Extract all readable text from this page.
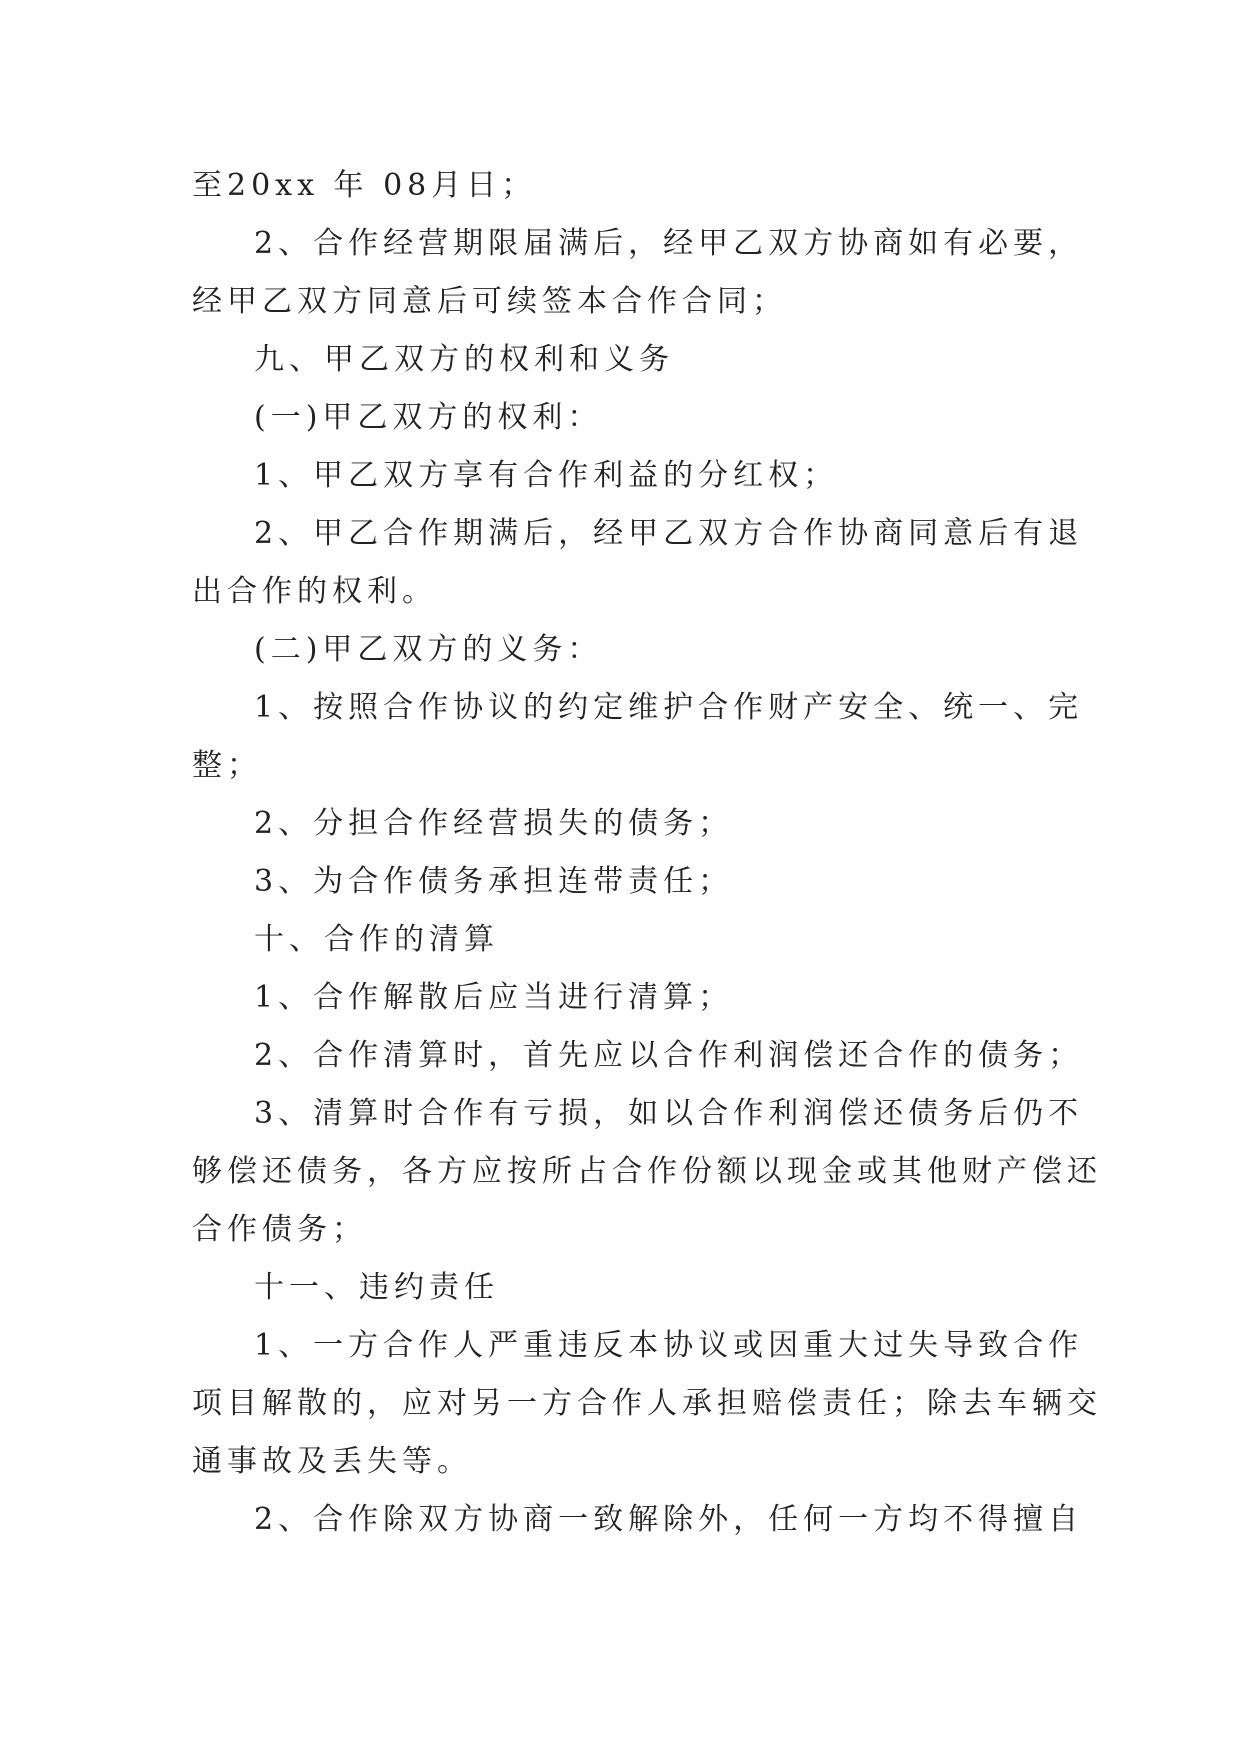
至20xx 年 08月日；
2、合作经营期限届满后，经甲乙双方协商如有必要，
经甲乙双方同意后可续签本合作合同；
九、甲乙双方的权利和义务
(一)甲乙双方的权利：
1、甲乙双方享有合作利益的分红权；
2、甲乙合作期满后，经甲乙双方合作协商同意后有退
出合作的权利。
(二)甲乙双方的义务：
1、按照合作协议的约定维护合作财产安全、统一、完
整；
2、分担合作经营损失的债务；
3、为合作债务承担连带责任；
十、合作的清算
1、合作解散后应当进行清算；
2、合作清算时，首先应以合作利润偿还合作的债务；
3、清算时合作有亏损，如以合作利润偿还债务后仍不
够偿还债务，各方应按所占合作份额以现金或其他财产偿还
合作债务；
十一、违约责任
1、一方合作人严重违反本协议或因重大过失导致合作
项目解散的，应对另一方合作人承担赔偿责任；除去车辆交
通事故及丢失等。
2、合作除双方协商一致解除外，任何一方均不得擅自
